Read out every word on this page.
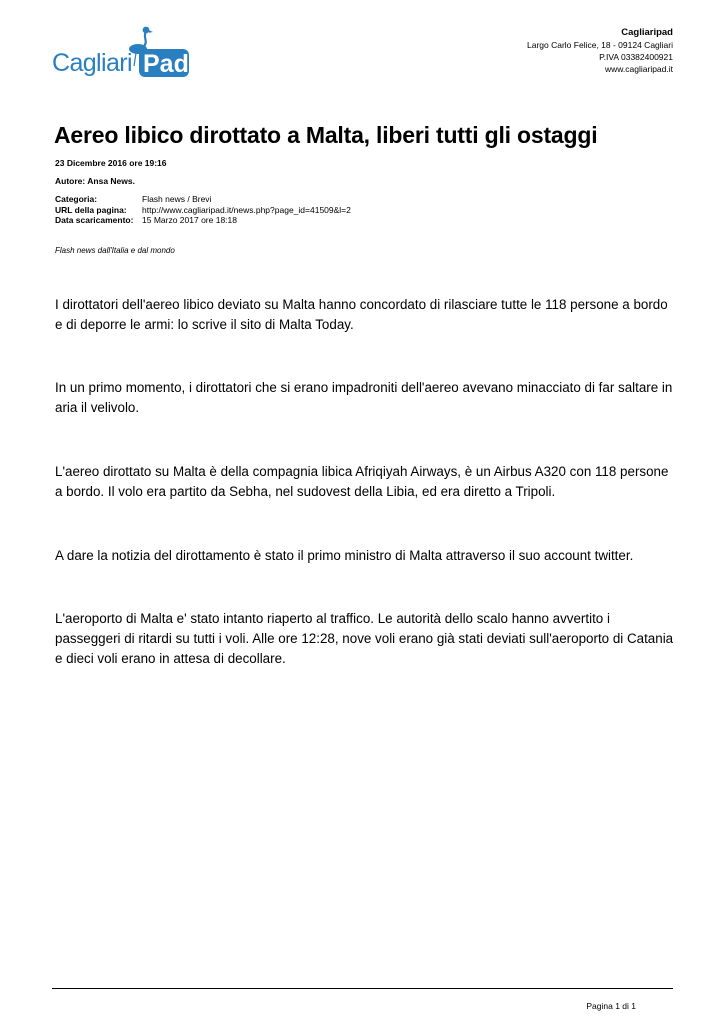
Cagliari Pad
Cagliaripad
Largo Carlo Felice, 18 - 09124 Cagliari
P.IVA 03382400921
www.cagliaripad.it
Aereo libico dirottato a Malta, liberi tutti gli ostaggi
23 Dicembre 2016 ore 19:16
Autore: Ansa News.
Categoria:	Flash news / Brevi
URL della pagina:	http://www.cagliaripad.it/news.php?page_id=41509&l=2
Data scaricamento:	15 Marzo 2017 ore 18:18
Flash news dall'Italia e dal mondo

I dirottatori dell'aereo libico deviato su Malta hanno concordato di rilasciare tutte le 118 persone a bordo e di deporre le armi: lo scrive il sito di Malta Today.

In un primo momento, i dirottatori che si erano impadroniti dell'aereo avevano minacciato di far saltare in aria il velivolo.

L'aereo dirottato su Malta è della compagnia libica Afriqiyah Airways, è un Airbus A320 con 118 persone a bordo. Il volo era partito da Sebha, nel sudovest della Libia, ed era diretto a Tripoli.

A dare la notizia del dirottamento è stato il primo ministro di Malta attraverso il suo account twitter.

L'aeroporto di Malta e' stato intanto riaperto al traffico. Le autorità dello scalo hanno avvertito i passeggeri di ritardi su tutti i voli. Alle ore 12:28, nove voli erano già stati deviati sull'aeroporto di Catania e dieci voli erano in attesa di decollare.

Pagina 1 di 1
